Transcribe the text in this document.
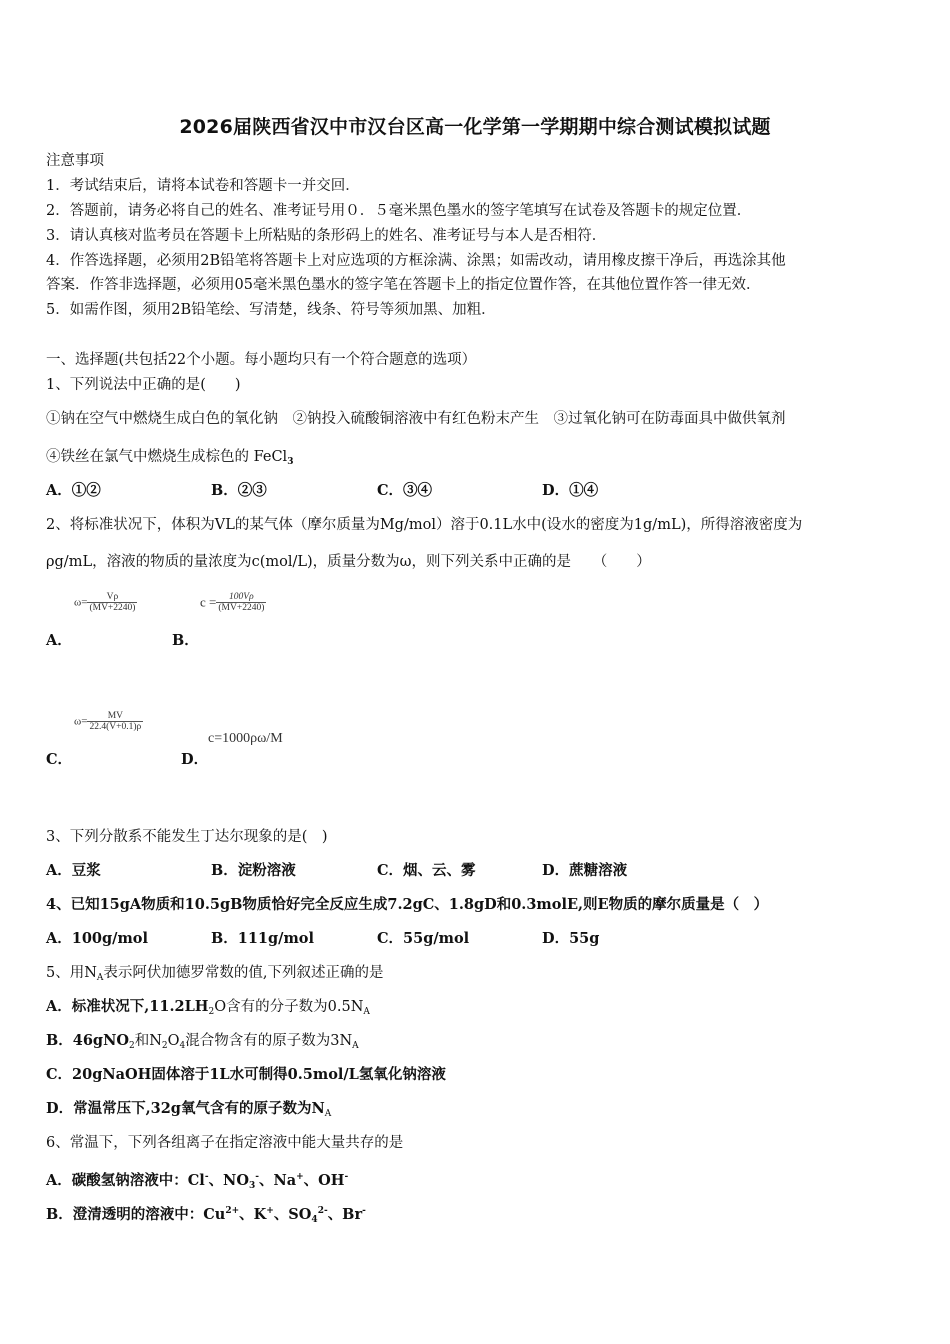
2026届陕西省汉中市汉台区高一化学第一学期期中综合测试模拟试题
注意事项
1．考试结束后，请将本试卷和答题卡一并交回．
2．答题前，请务必将自己的姓名、准考证号用０．５毫米黑色墨水的签字笔填写在试卷及答题卡的规定位置．
3．请认真核对监考员在答题卡上所粘贴的条形码上的姓名、准考证号与本人是否相符．
4．作答选择题，必须用2B铅笔将答题卡上对应选项的方框涂满、涂黑；如需改动，请用橡皮擦干净后，再选涂其他
答案．作答非选择题，必须用05毫米黑色墨水的签字笔在答题卡上的指定位置作答，在其他位置作答一律无效．
5．如需作图，须用2B铅笔绘、写清楚，线条、符号等须加黑、加粗．
一、选择题(共包括22个小题。每小题均只有一个符合题意的选项）
1、下列说法中正确的是(　　)
①钠在空气中燃烧生成白色的氧化钠　②钠投入硫酸铜溶液中有红色粉末产生　③过氧化钠可在防毒面具中做供氧剂
④铁丝在氯气中燃烧生成棕色的 FeCl$_3$
A．①②	B．②③	C．③④	D．①④
2、将标准状况下，体积为VL的某气体（摩尔质量为Mg/mol）溶于0.1L水中(设水的密度为1g/mL)，所得溶液密度为
ρg/mL，溶液的物质的量浓度为c(mol/L)，质量分数为ω，则下列关系中正确的是　　（　　）
$\omega= \frac{V\rho}{(MV+2240)}$	$c = \frac{100V\rho}{(MV+2240)}$
A．	B．
$\omega= \frac{MV}{22.4(V+0.1)\rho}$
c=1000ρω/M
C．	D．
3、下列分散系不能发生丁达尔现象的是(　)
A．豆浆	B．淀粉溶液	C．烟、云、雾	D．蔗糖溶液
4、已知15gA物质和10.5gB物质恰好完全反应生成7.2gC、1.8gD和0.3molE,则E物质的摩尔质量是（　）
A．100g/mol	B．111g/mol	C．55g/mol	D．55g
5、用$N_A$表示阿伏加德罗常数的值,下列叙述正确的是
A．标准状况下$,11.2LH_2O$含有的分子数为$0.5N_A$
B．46gNO$_2$和$N_2O_4$混合物含有的原子数为$3N_A$
C．20gNaOH固体溶于1L水可制得0.5mol/L氢氧化钠溶液
D．常温常压下,32g氧气含有的原子数为$N_A$
6、常温下，下列各组离子在指定溶液中能大量共存的是
A．碳酸氢钠溶液中：Cl-、$NO_3^-$、Na+、OH-
B．澄清透明的溶液中：$Cu^{2+}$、K+、$SO_4^{2-}$、Br-
